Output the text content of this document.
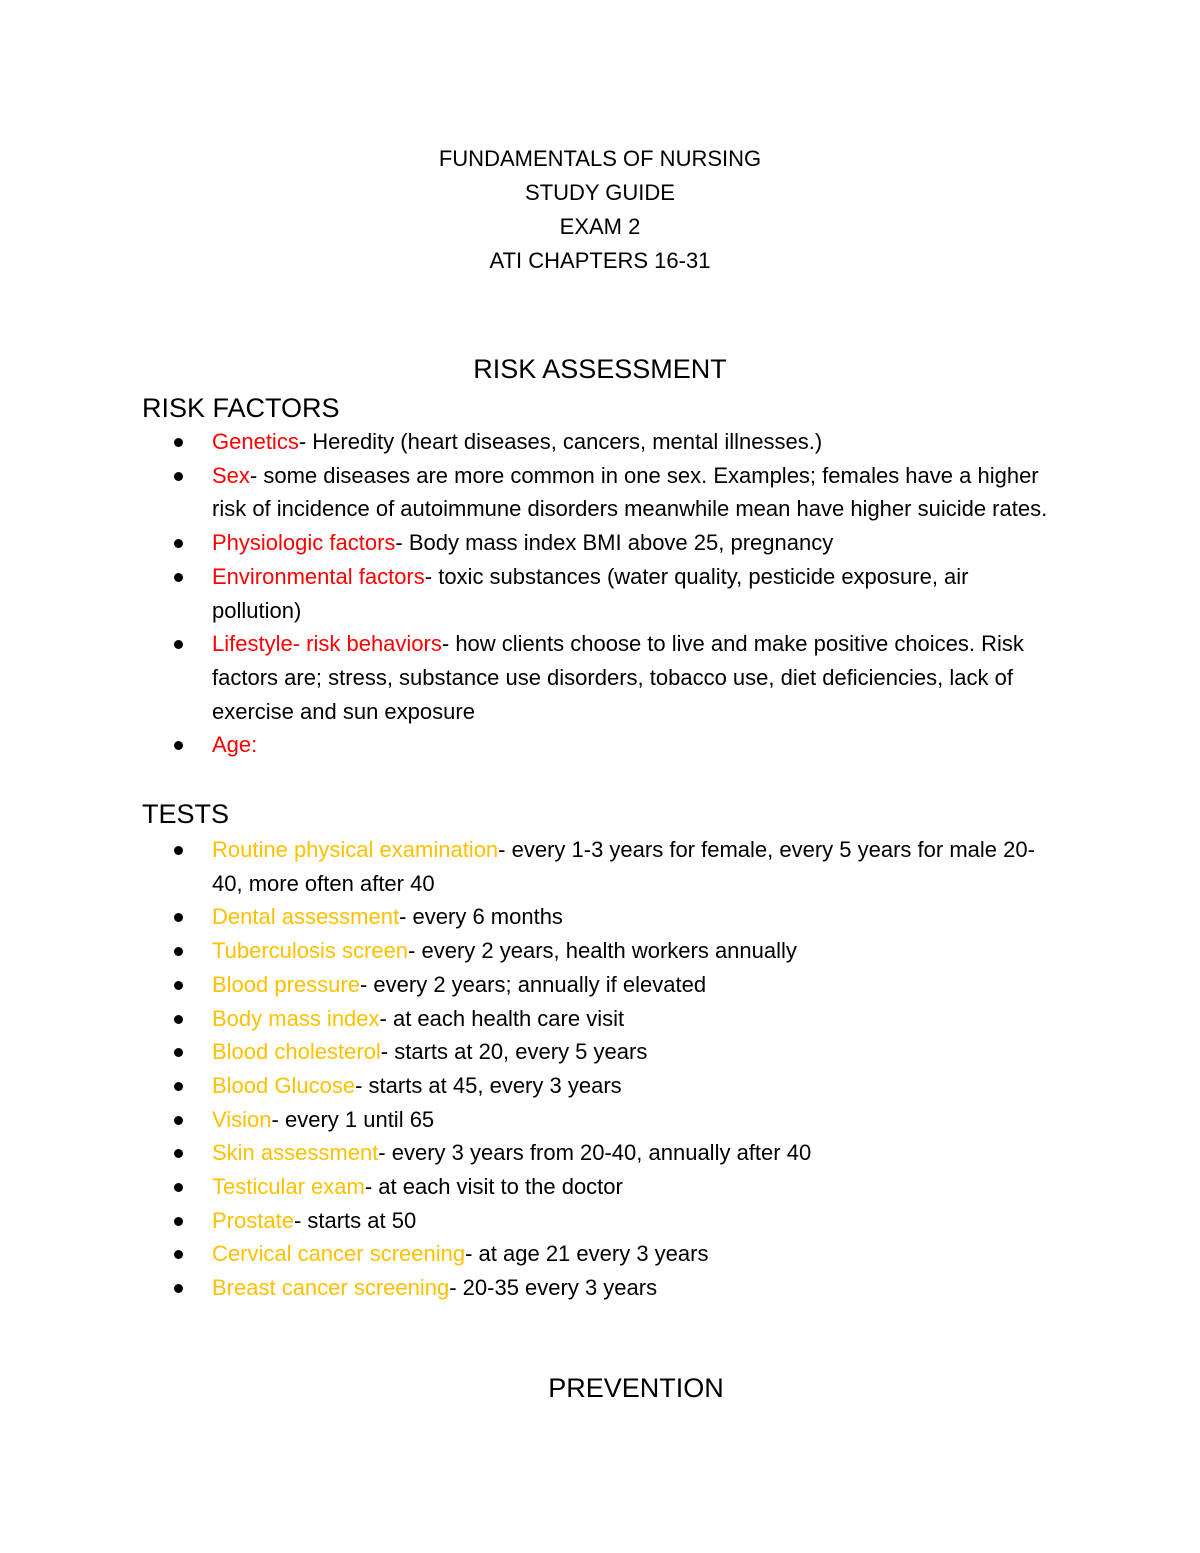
FUNDAMENTALS OF NURSING
STUDY GUIDE
EXAM 2
ATI CHAPTERS 16-31
RISK ASSESSMENT
RISK FACTORS
Genetics- Heredity (heart diseases, cancers, mental illnesses.)
Sex- some diseases are more common in one sex. Examples; females have a higher risk of incidence of autoimmune disorders meanwhile mean have higher suicide rates.
Physiologic factors- Body mass index BMI above 25, pregnancy
Environmental factors- toxic substances (water quality, pesticide exposure, air pollution)
Lifestyle- risk behaviors- how clients choose to live and make positive choices. Risk factors are; stress, substance use disorders, tobacco use, diet deficiencies, lack of exercise and sun exposure
Age:
TESTS
Routine physical examination- every 1-3 years for female, every 5 years for male 20-40, more often after 40
Dental assessment- every 6 months
Tuberculosis screen- every 2 years, health workers annually
Blood pressure- every 2 years; annually if elevated
Body mass index- at each health care visit
Blood cholesterol- starts at 20, every 5 years
Blood Glucose- starts at 45, every 3 years
Vision- every 1 until 65
Skin assessment- every 3 years from 20-40, annually after 40
Testicular exam- at each visit to the doctor
Prostate- starts at 50
Cervical cancer screening- at age 21 every 3 years
Breast cancer screening- 20-35 every 3 years
PREVENTION
